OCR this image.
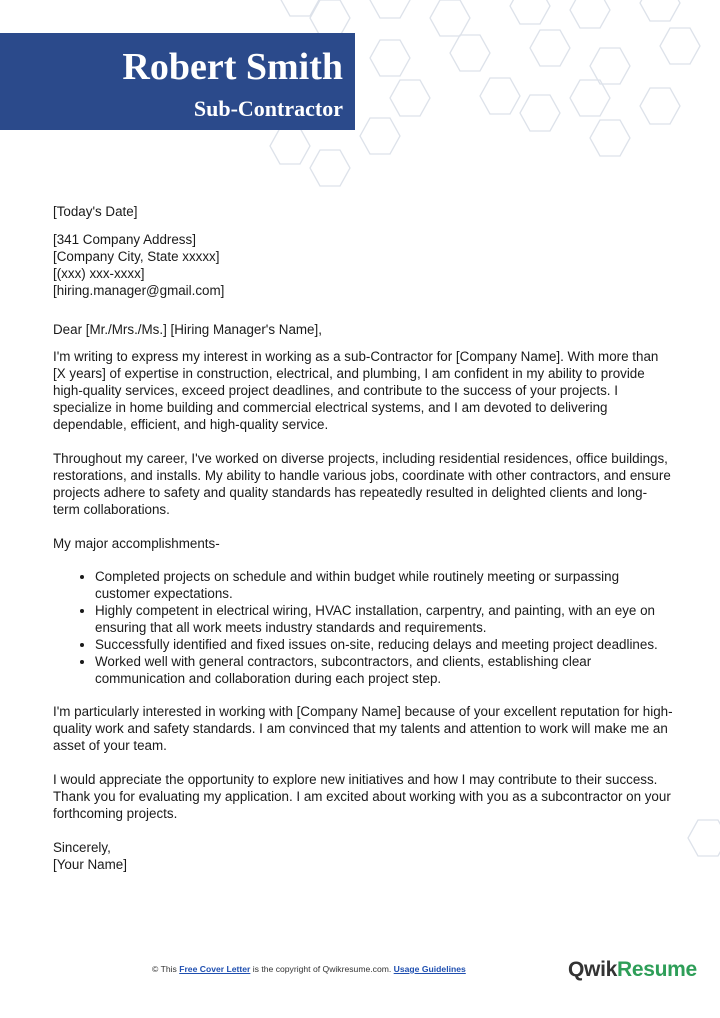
Robert Smith
Sub-Contractor

[Today's Date]

[341 Company Address]

[Company City, State xxxxx]

[(xxx) xxx-xxxx]

[hiring.manager@gmail.com]

Dear [Mr./Mrs./Ms.] [Hiring Manager's Name],

I'm writing to express my interest in working as a sub-Contractor for [Company Name]. With more than [X years] of expertise in construction, electrical, and plumbing, I am confident in my ability to provide high-quality services, exceed project deadlines, and contribute to the success of your projects. I specialize in home building and commercial electrical systems, and I am devoted to delivering dependable, efficient, and high-quality service.

Throughout my career, I've worked on diverse projects, including residential residences, office buildings, restorations, and installs. My ability to handle various jobs, coordinate with other contractors, and ensure projects adhere to safety and quality standards has repeatedly resulted in delighted clients and long-term collaborations.

My major accomplishments-

• Completed projects on schedule and within budget while routinely meeting or surpassing customer expectations.
• Highly competent in electrical wiring, HVAC installation, carpentry, and painting, with an eye on ensuring that all work meets industry standards and requirements.
• Successfully identified and fixed issues on-site, reducing delays and meeting project deadlines.
• Worked well with general contractors, subcontractors, and clients, establishing clear communication and collaboration during each project step.

I'm particularly interested in working with [Company Name] because of your excellent reputation for high-quality work and safety standards. I am convinced that my talents and attention to work will make me an asset of your team.

I would appreciate the opportunity to explore new initiatives and how I may contribute to their success. Thank you for evaluating my application. I am excited about working with you as a subcontractor on your forthcoming projects.

Sincerely,

[Your Name]

© This Free Cover Letter is the copyright of Qwikresume.com. Usage Guidelines	QwikResume
